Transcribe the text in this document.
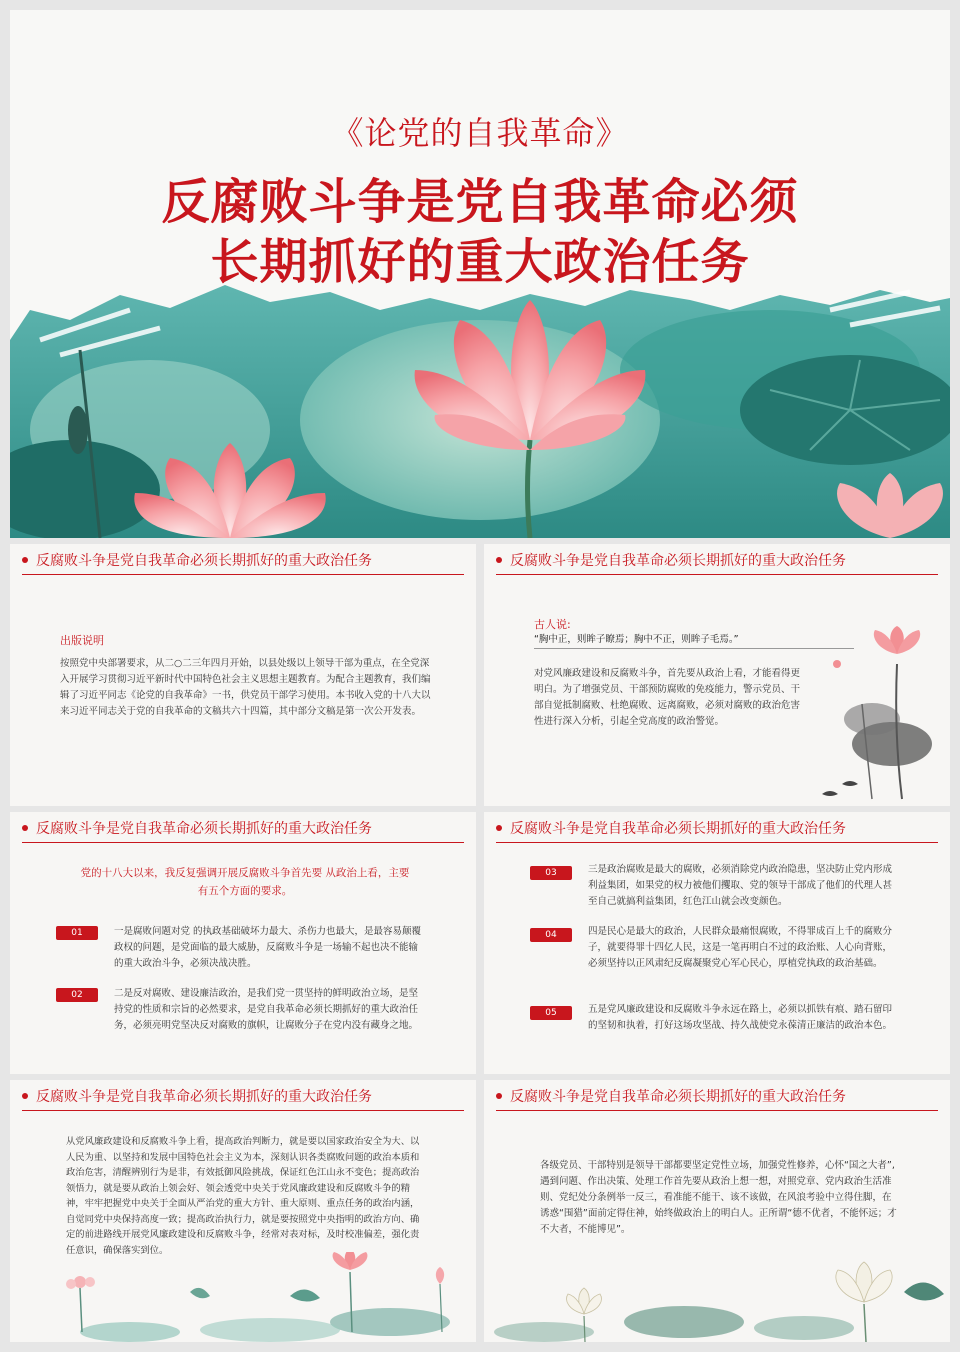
《论党的自我革命》
反腐败斗争是党自我革命必须
长期抓好的重大政治任务
反腐败斗争是党自我革命必须长期抓好的重大政治任务
出版说明
按照党中央部署要求，从二○二三年四月开始，以县处级以上领导干部为重点，在全党深入开展学习贯彻习近平新时代中国特色社会主义思想主题教育。为配合主题教育，我们编辑了习近平同志《论党的自我革命》一书，供党员干部学习使用。本书收入党的十八大以来习近平同志关于党的自我革命的文稿共六十四篇，其中部分文稿是第一次公开发表。
反腐败斗争是党自我革命必须长期抓好的重大政治任务
古人说:
“胸中正，则眸子瞭焉；胸中不正，则眸子毛焉。”
对党风廉政建设和反腐败斗争，首先要从政治上看，才能看得更明白。为了增强党员、干部预防腐败的免疫能力，警示党员、干部自觉抵制腐败、杜绝腐败、远离腐败，必须对腐败的政治危害性进行深入分析，引起全党高度的政治警觉。
反腐败斗争是党自我革命必须长期抓好的重大政治任务
党的十八大以来，我反复强调开展反腐败斗争首先要 从政治上看，主要有五个方面的要求。
01	一是腐败问题对党 的执政基础破坏力最大、杀伤力也最大，是最容易颠覆政权的问题，是党面临的最大威胁，反腐败斗争是一场输不起也决不能输的重大政治斗争，必须决战决胜。
02	二是反对腐败、建设廉洁政治，是我们党一贯坚持的鲜明政治立场，是坚持党的性质和宗旨的必然要求，是党自我革命必须长期抓好的重大政治任务，必须亮明党坚决反对腐败的旗帜，让腐败分子在党内没有藏身之地。
反腐败斗争是党自我革命必须长期抓好的重大政治任务
03	三是政治腐败是最大的腐败，必须消除党内政治隐患，坚决防止党内形成利益集团，如果党的权力被他们攫取、党的领导干部成了他们的代理人甚至自己就搞利益集团，红色江山就会改变颜色。
04	四是民心是最大的政治，人民群众最痛恨腐败，不得罪成百上千的腐败分子，就要得罪十四亿人民，这是一笔再明白不过的政治账、人心向背账，必须坚持以正风肃纪反腐凝聚党心军心民心，厚植党执政的政治基础。
05	五是党风廉政建设和反腐败斗争永远在路上，必须以抓铁有痕、踏石留印的坚韧和执着，打好这场攻坚战、持久战使党永葆清正廉洁的政治本色。
反腐败斗争是党自我革命必须长期抓好的重大政治任务
从党风廉政建设和反腐败斗争上看，提高政治判断力，就是要以国家政治安全为大、以人民为重、以坚持和发展中国特色社会主义为本，深刻认识各类腐败问题的政治本质和政治危害，清醒辨别行为是非，有效抵御风险挑战，保证红色江山永不变色；提高政治领悟力，就是要从政治上领会好、领会透党中央关于党风廉政建设和反腐败斗争的精神，牢牢把握党中央关于全面从严治党的重大方针、重大原则、重点任务的政治内涵，自觉同党中央保持高度一致；提高政治执行力，就是要按照党中央指明的政治方向、确定的前进路线开展党风廉政建设和反腐败斗争，经常对表对标，及时校准偏差，强化责任意识，确保落实到位。
反腐败斗争是党自我革命必须长期抓好的重大政治任务
各级党员、干部特别是领导干部都要坚定党性立场，加强党性修养，心怀“国之大者”,遇到问题、作出决策、处理工作首先要从政治上想一想，对照党章、党内政治生活准则、党纪处分条例举一反三，看准能不能干、该不该做，在风浪考验中立得住脚，在诱惑“围猎”面前定得住神，始终做政治上的明白人。正所谓“德不优者，不能怀远；才不大者，不能博见”。
